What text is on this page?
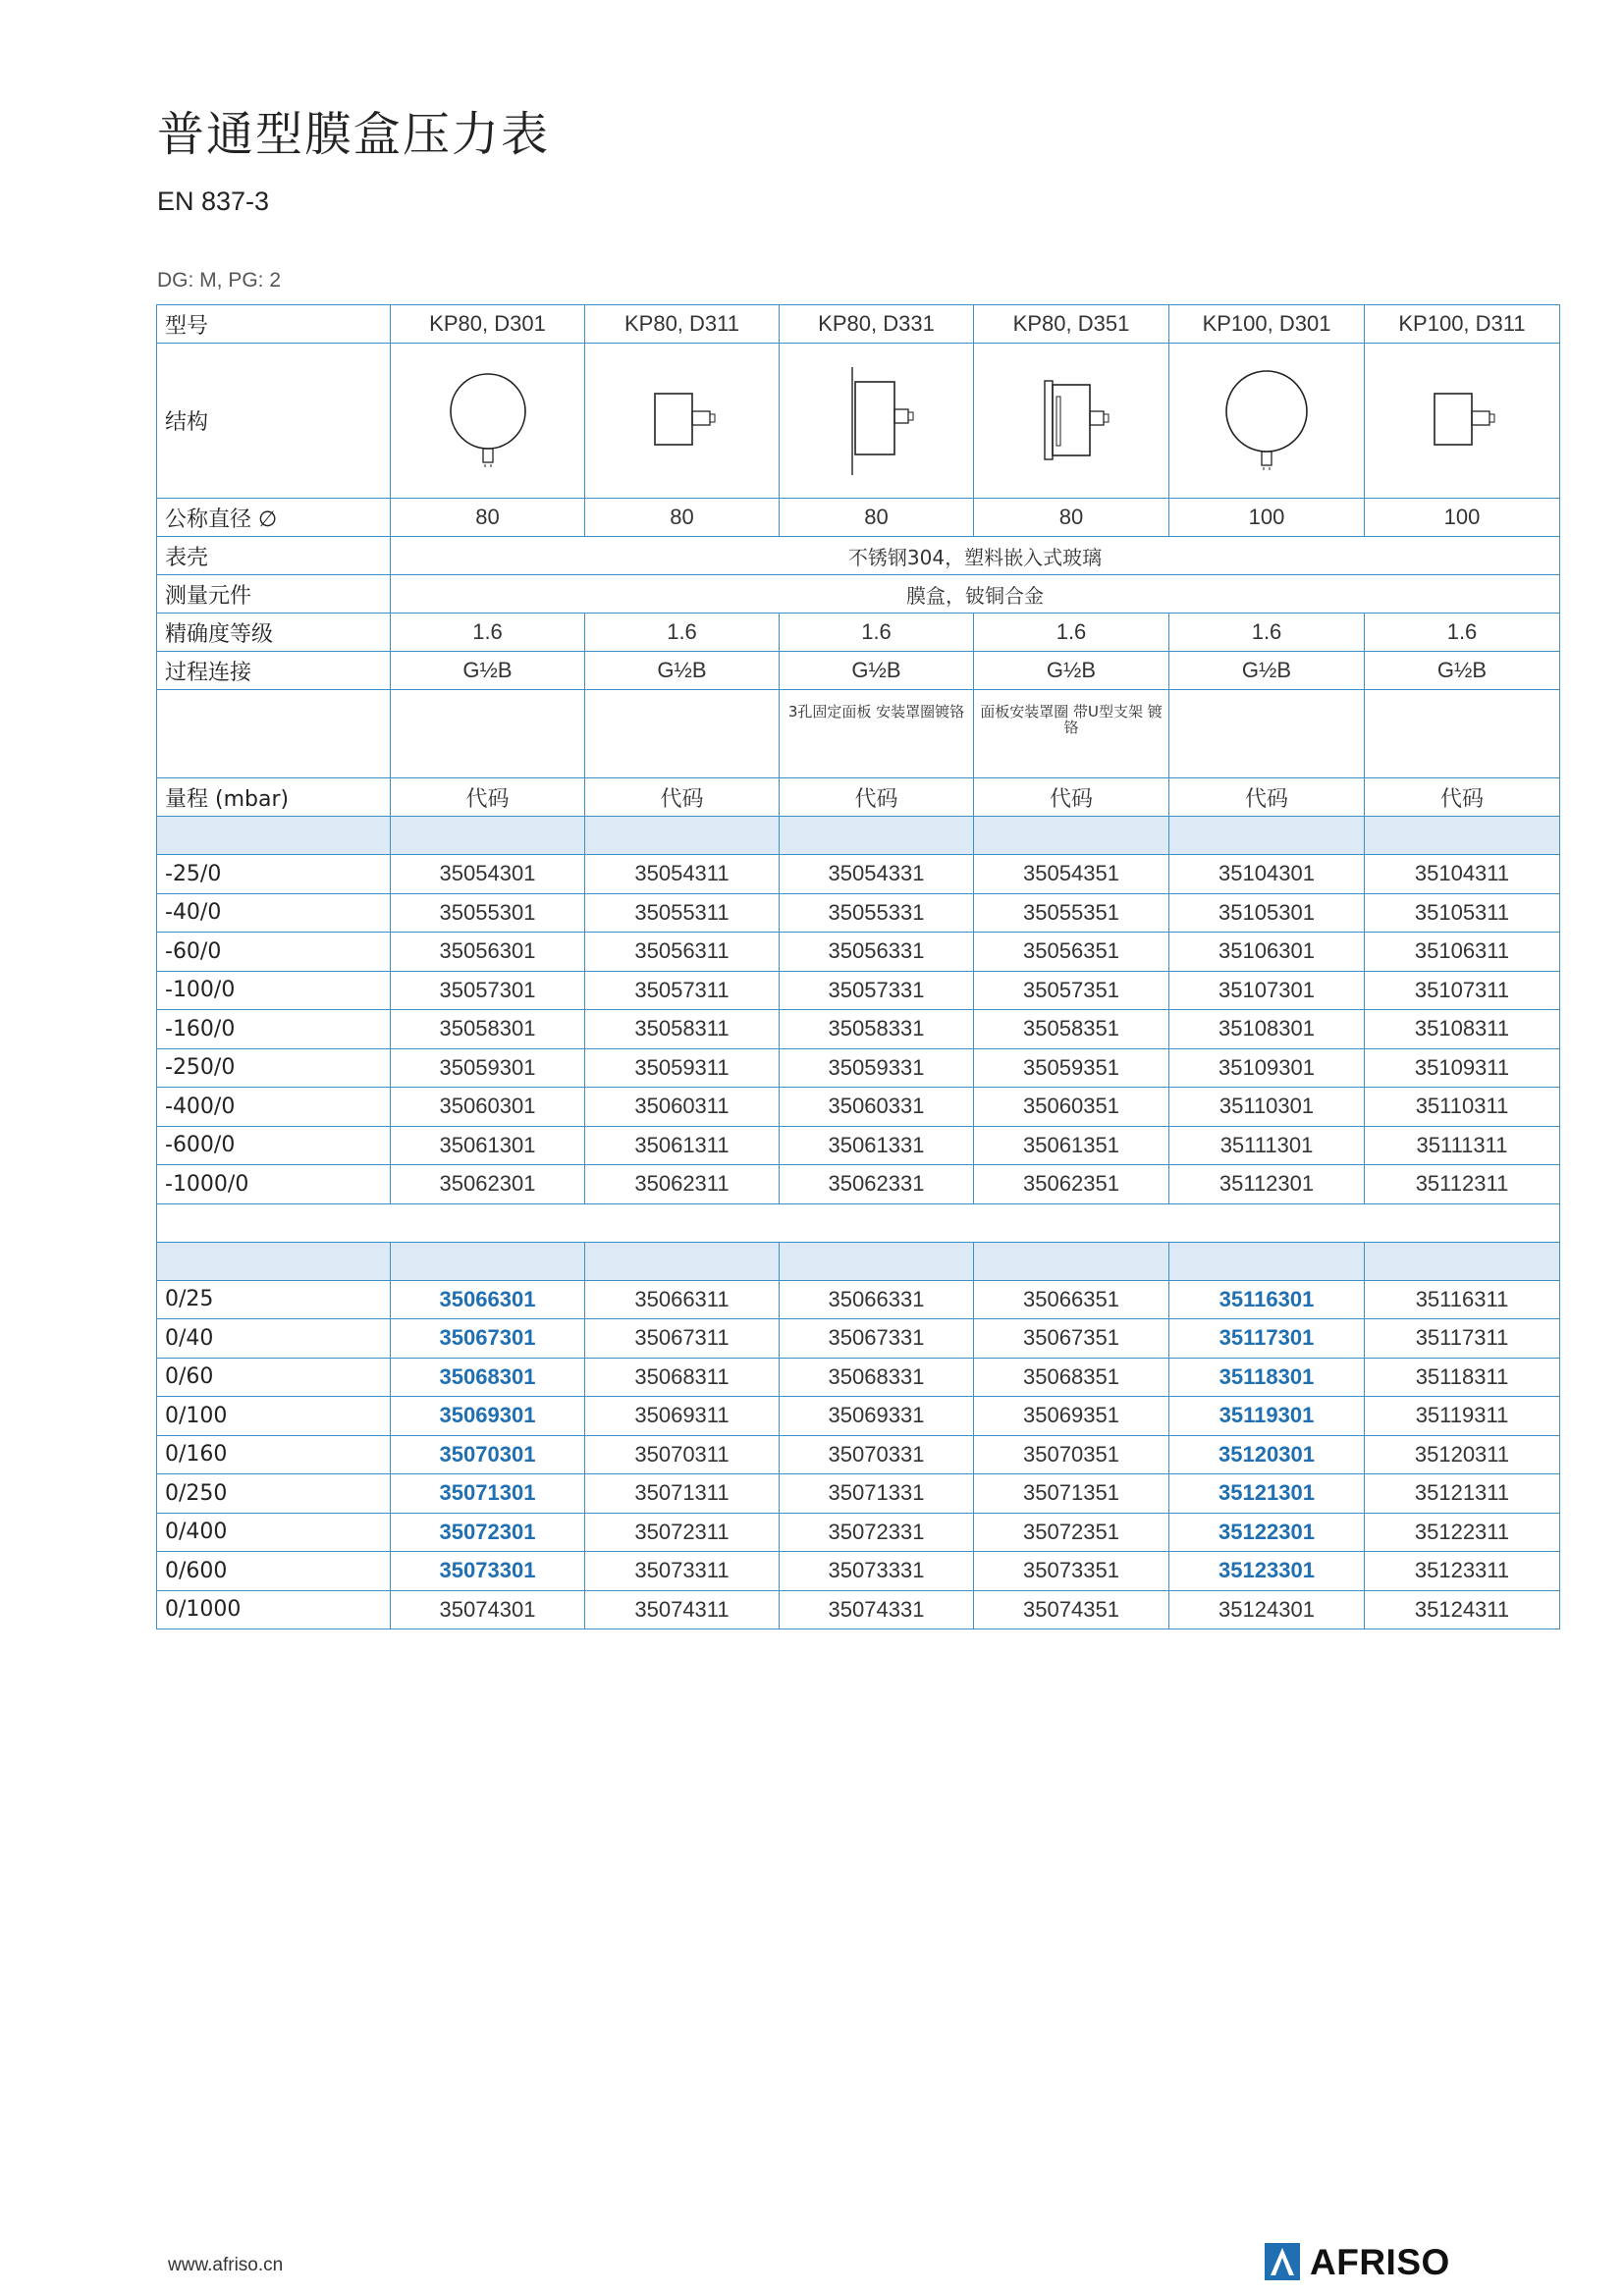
普通型膜盒压力表
EN 837-3
DG: M, PG: 2
型号	KP80, D301	KP80, D311	KP80, D331	KP80, D351	KP100, D301	KP100, D311
结构	

公称直径 ∅	80	80	80	80	100	100
表壳	不锈钢304，塑料嵌入式玻璃					
测量元件	膜盒，铍铜合金					
精确度等级	1.6	1.6	1.6	1.6	1.6	1.6
过程连接	G½B	G½B	G½B	G½B	G½B	G½B
			3孔固定面板 安装罩圈镀铬	面板安装罩圈 带U型支架 镀铬		
量程 (mbar)	代码	代码	代码	代码	代码	代码

-25/0	35054301	35054311	35054331	35054351	35104301	35104311
-40/0	35055301	35055311	35055331	35055351	35105301	35105311
-60/0	35056301	35056311	35056331	35056351	35106301	35106311
-100/0	35057301	35057311	35057331	35057351	35107301	35107311
-160/0	35058301	35058311	35058331	35058351	35108301	35108311
-250/0	35059301	35059311	35059331	35059351	35109301	35109311
-400/0	35060301	35060311	35060331	35060351	35110301	35110311
-600/0	35061301	35061311	35061331	35061351	35111301	35111311
-1000/0	35062301	35062311	35062331	35062351	35112301	35112311

0/25	35066301	35066311	35066331	35066351	35116301	35116311
0/40	35067301	35067311	35067331	35067351	35117301	35117311
0/60	35068301	35068311	35068331	35068351	35118301	35118311
0/100	35069301	35069311	35069331	35069351	35119301	35119311
0/160	35070301	35070311	35070331	35070351	35120301	35120311
0/250	35071301	35071311	35071331	35071351	35121301	35121311
0/400	35072301	35072311	35072331	35072351	35122301	35122311
0/600	35073301	35073311	35073331	35073351	35123301	35123311
0/1000	35074301	35074311	35074331	35074351	35124301	35124311
www.afriso.cn	AFRISO
